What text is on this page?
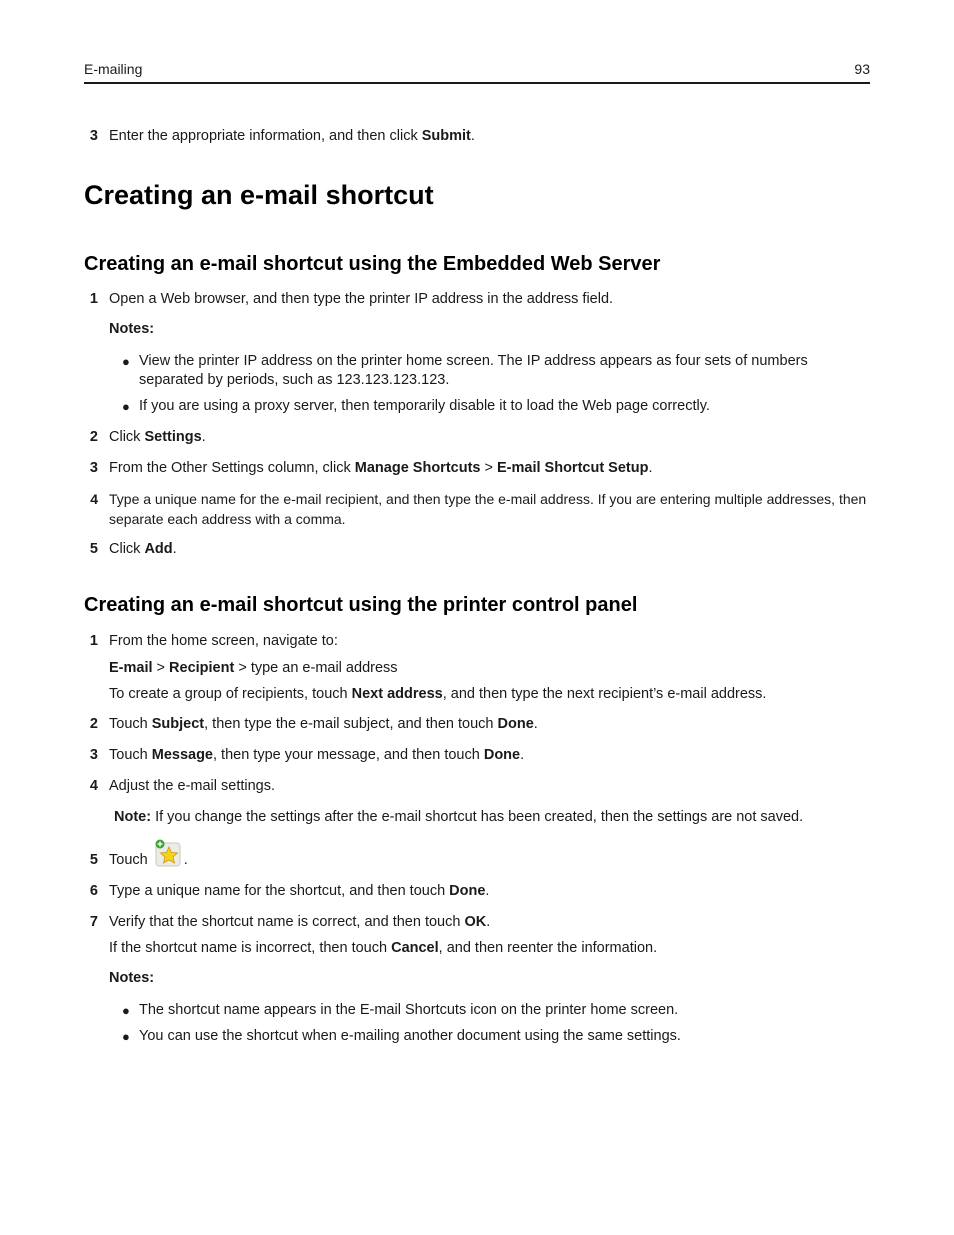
E-mailing	93
3 Enter the appropriate information, and then click Submit.
Creating an e-mail shortcut
Creating an e-mail shortcut using the Embedded Web Server
1 Open a Web browser, and then type the printer IP address in the address field.
Notes:
● View the printer IP address on the printer home screen. The IP address appears as four sets of numbers separated by periods, such as 123.123.123.123.
● If you are using a proxy server, then temporarily disable it to load the Web page correctly.
2 Click Settings.
3 From the Other Settings column, click Manage Shortcuts > E-mail Shortcut Setup.
4 Type a unique name for the e-mail recipient, and then type the e-mail address. If you are entering multiple addresses, then separate each address with a comma.
5 Click Add.
Creating an e-mail shortcut using the printer control panel
1 From the home screen, navigate to:
E-mail > Recipient > type an e-mail address
To create a group of recipients, touch Next address, and then type the next recipient’s e-mail address.
2 Touch Subject, then type the e-mail subject, and then touch Done.
3 Touch Message, then type your message, and then touch Done.
4 Adjust the e-mail settings.
Note: If you change the settings after the e-mail shortcut has been created, then the settings are not saved.
5 Touch .
6 Type a unique name for the shortcut, and then touch Done.
7 Verify that the shortcut name is correct, and then touch OK.
If the shortcut name is incorrect, then touch Cancel, and then reenter the information.
Notes:
● The shortcut name appears in the E-mail Shortcuts icon on the printer home screen.
● You can use the shortcut when e-mailing another document using the same settings.
